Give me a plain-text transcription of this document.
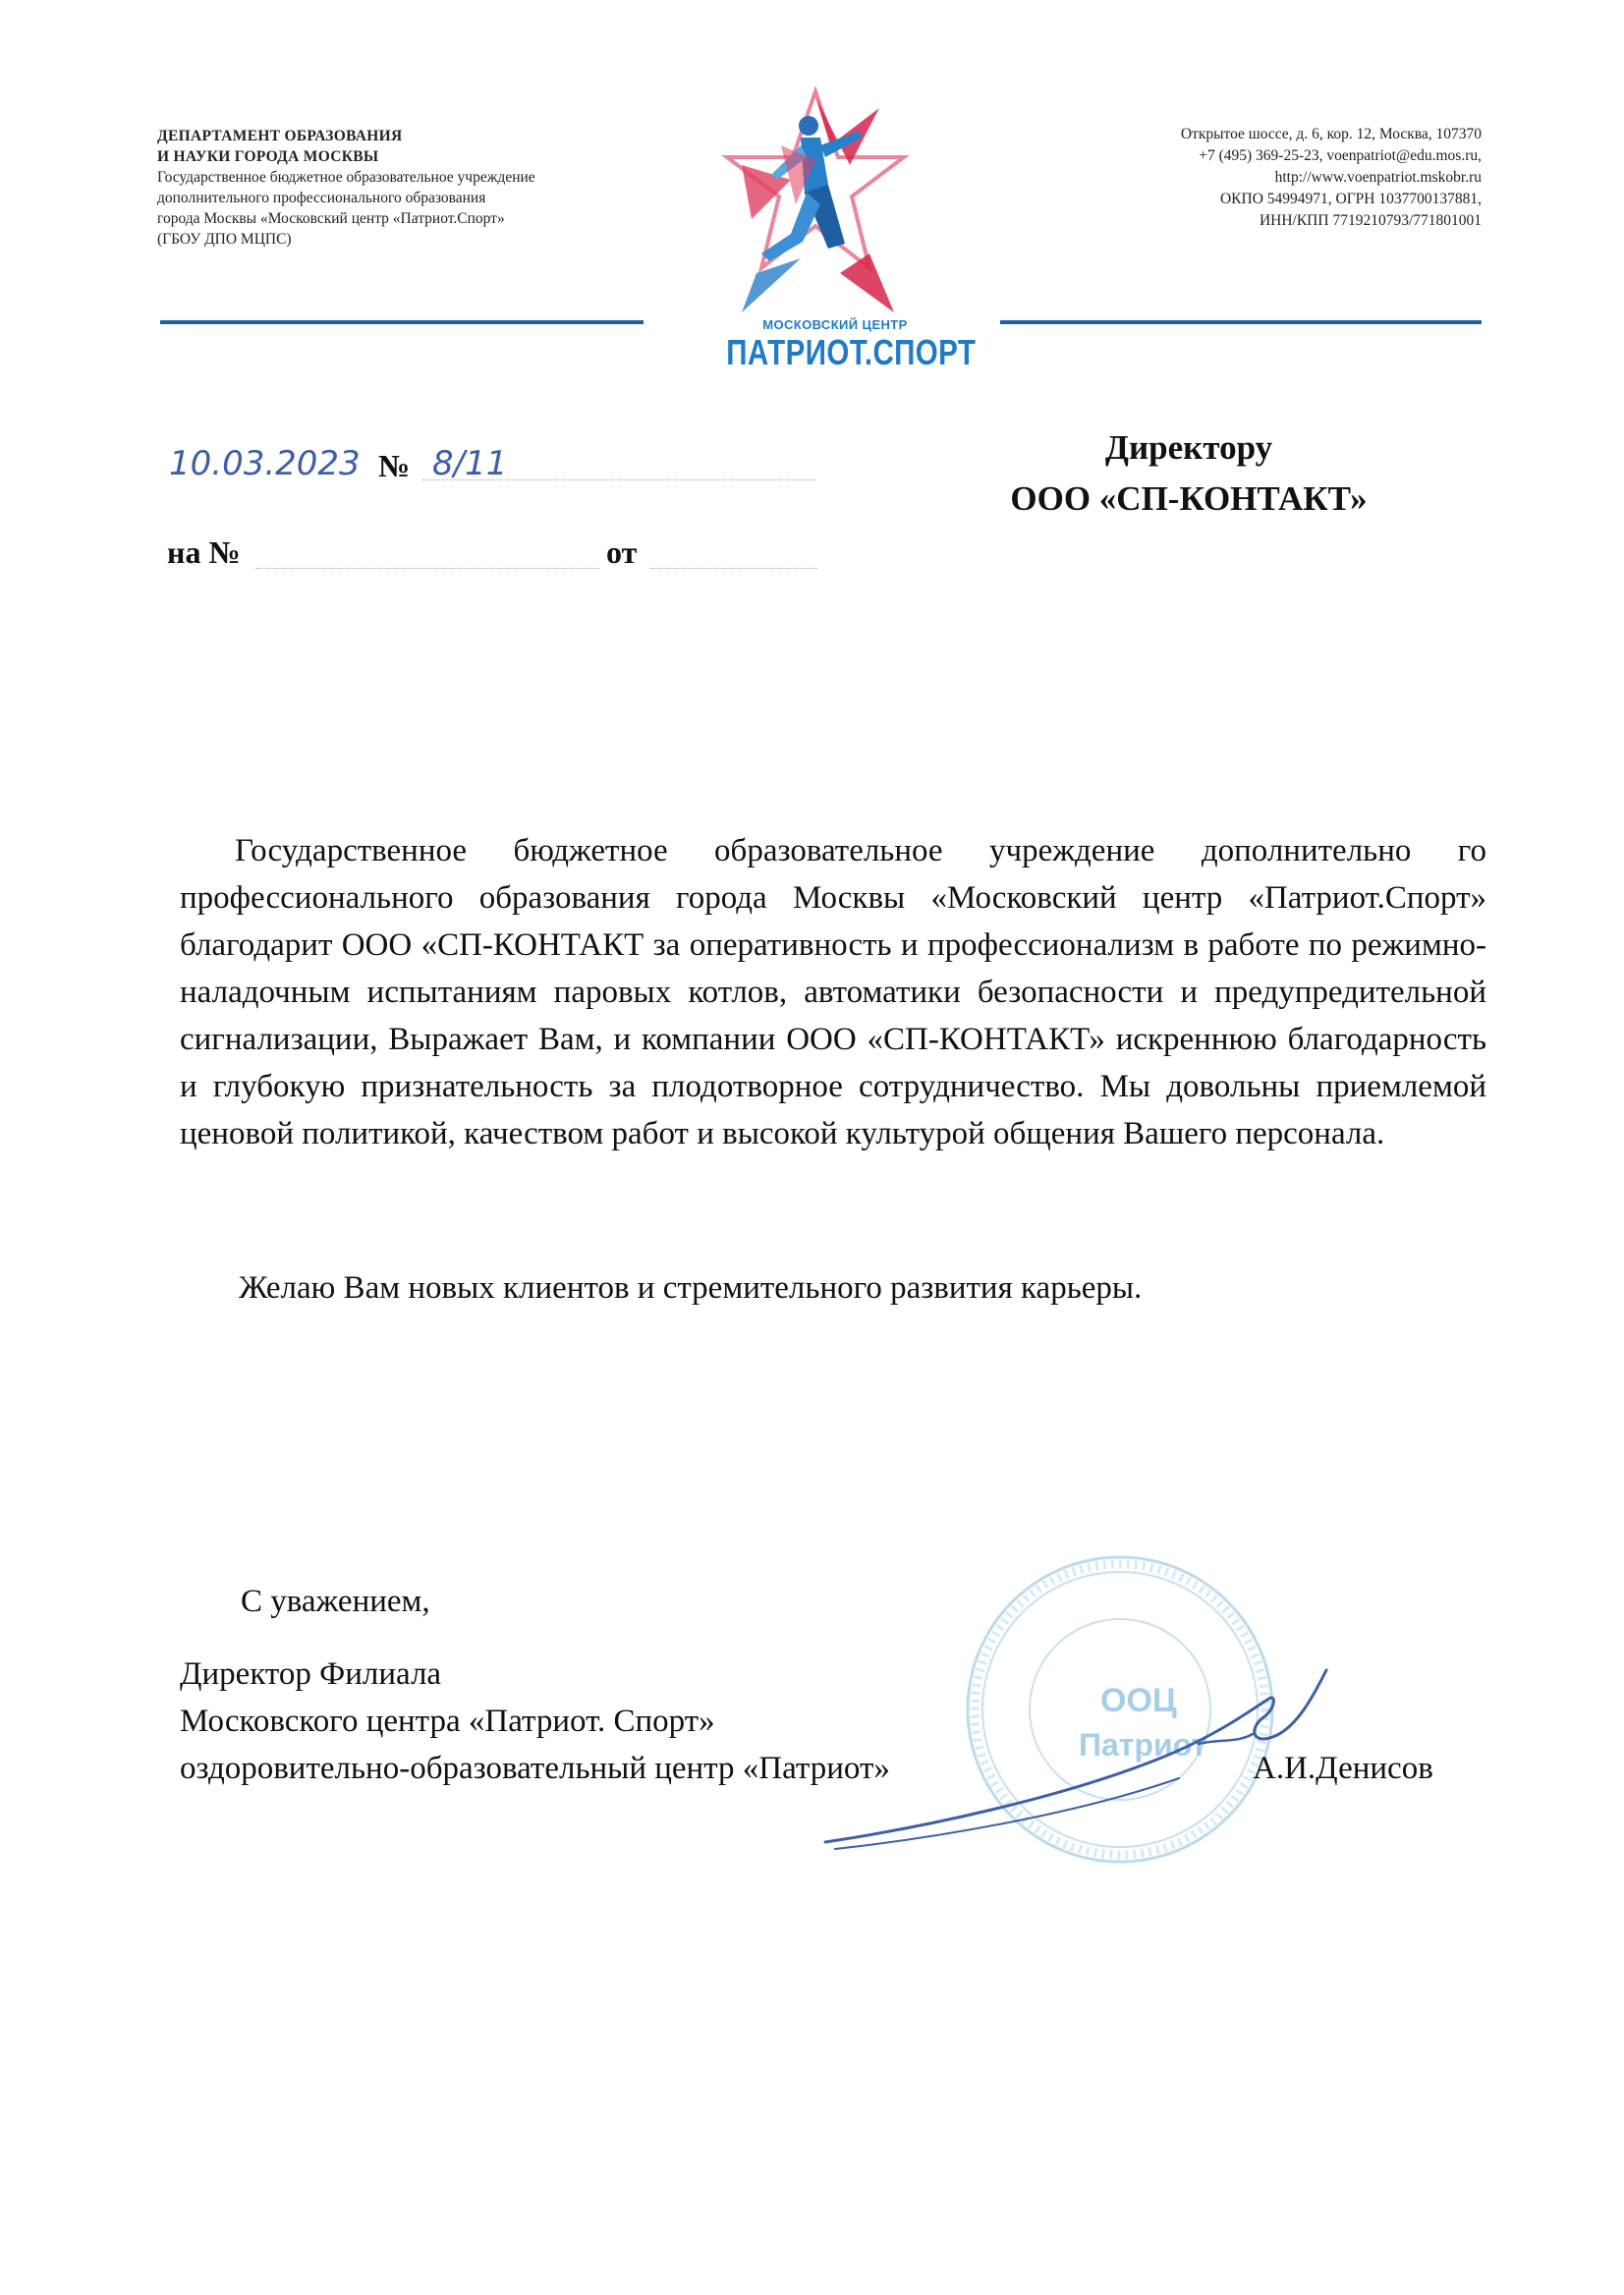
ДЕПАРТАМЕНТ ОБРАЗОВАНИЯ
И НАУКИ ГОРОДА МОСКВЫ
Государственное бюджетное образовательное учреждение
дополнительного профессионального образования
города Москвы «Московский центр «Патриот.Спорт»
(ГБОУ ДПО МЦПС)
МОСКОВСКИЙ ЦЕНТР
ПАТРИОТ.СПОРТ
Открытое шоссе, д. 6, кор. 12, Москва, 107370
+7 (495) 369-25-23, voenpatriot@edu.mos.ru,
http://www.voenpatriot.mskobr.ru
ОКПО 54994971, ОГРН 1037700137881,
ИНН/КПП 7719210793/771801001
10.03.2023 № 8/11
на №	от
Директору
ООО «СП-КОНТАКТ»
Государственное бюджетное образовательное учреждение дополнительно го профессионального образования города Москвы «Московский центр «Патриот.Спорт» благодарит ООО «СП-КОНТАКТ за оперативность и профессионализм в работе по режимно-наладочным испытаниям паровых котлов, автоматики безопасности и предупредительной сигнализации, Выражает Вам, и компании ООО «СП-КОНТАКТ» искреннюю благодарность и глубокую признательность за плодотворное сотрудничество. Мы довольны приемлемой ценовой политикой, качеством работ и высокой культурой общения Вашего персонала.
Желаю Вам новых клиентов и стремительного развития карьеры.
ООЦ
Патриот
С уважением,
Директор Филиала
Московского центра «Патриот. Спорт»
оздоровительно-образовательный центр «Патриот»	А.И.Денисов
